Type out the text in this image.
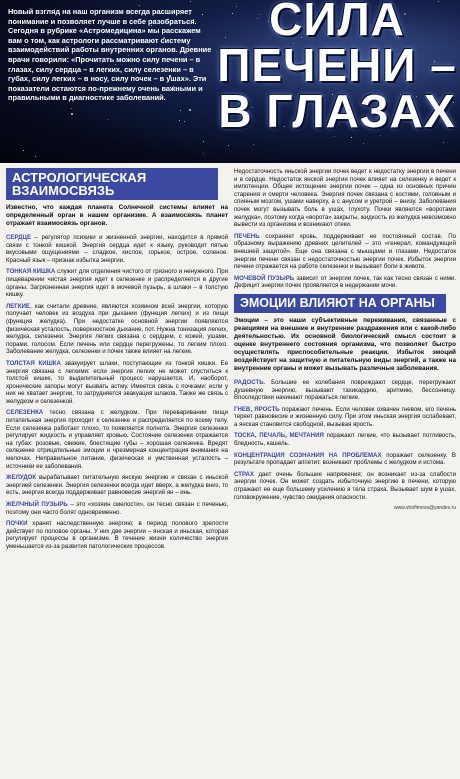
Новый взгляд на наш организм всегда расширяет понимание и позволяет лучше в себе разобраться. Сегодня в рубрике «Астромедицина» мы расскажем вам о том, как астрологи рассматривают систему взаимодействий работы внутренних органов. Древние врачи говорили: «Прочитать можно силу печени – в глазах, силу сердца – в легких, силу селезенки – в губах, силу легких – в носу, силу почек – в ушах». Эти показатели остаются по-прежнему очень важными и правильными в диагностике заболеваний.
СИЛА
ПЕЧЕНИ –
В ГЛАЗАХ
АСТРОЛОГИЧЕСКАЯ ВЗАИМОСВЯЗЬ
Известно, что каждая планета Солнечной системы влияет на определенный орган в нашем организме. А взаимосвязь планет отражает взаимосвязь органов.

СЕРДЦЕ – регулятор психики и жизненной энергии, находится в прямой связи с тонкой кишкой. Энергия сердца идет к языку, руководит пятью вкусовыми ощущениями – сладкое, кислое, горькое, острое, соленое. Красный язык – признак избытка энергии.

ТОНКАЯ КИШКА служит для отделения чистого от грязного и ненужного. При пищеварении чистая энергия идет к селезенке и распределяется в другие органы. Загрязненная энергия идет в мочевой пузырь, а шлаки – в толстую кишку.

ЛЕГКИЕ, как считали древние, являются хозяином всей энергии, которую получает человек из воздуха при дыхании (функция легких) и из пищи (функция желудка). При недостатке основной энергии появляются физическая усталость, поверхностное дыхание, пот. Нужна тонизация легких, желудка, селезенки. Энергия легких связана с сердцем, с кожей, ушами, порами, голосом. Если печень или сердце перегружены, то легким плохо. Заболевание желудка, селезенки и почек также влияет на легкие.

ТОЛСТАЯ КИШКА эвакуирует шлаки, поступающие из тонкой кишки. Ее энергия связана с легкими: если энергия легких не может спуститься к толстой кишке, то выделительный процесс нарушается. И, наоборот, хронические запоры могут вызвать астму. Имеется связь с почками: если у них не хватает энергии, то затрудняется эвакуация шлаков. Также же связь с желудком и селезенкой.

СЕЛЕЗЕНКА тесно связана с желудком. При переваривании пищи питательная энергия проходит к селезенке и распределяется по всему телу. Если селезенка работает плохо, то появляется полнота. Энергия селезенки регулирует жидкость и управляет кровью. Состояние селезенки отражается на губах: розовые, свежие, блестящие губы – хорошая селезенка. Вредят селезенке отрицательные эмоции и чрезмерная концентрация внимания на мелочах. Неправильное питание, физическая и умственная усталость – источники ее заболевания.

ЖЕЛУДОК вырабатывает питательную янскую энергию и связан с иньской энергией селезенки. Энергия селезенки всегда идет вверх, а желудка вниз, то есть, энергия всегда поддерживает равновесие энергий ян – инь.

ЖЕЛЧНЫЙ ПУЗЫРЬ – это «хозяин смелости», он тесно связан с печенью, поэтому они часто болят одновременно.

ПОЧКИ хранят наследственную энергию; в период полового зрелости действует по половое органы. У них две энергии – янская и иньская, которая регулирует процессы в организме. В течение жизни количество энергии уменьшается из-за развития патологических процессов.

Недостаточность иньской энергии почек ведет к недостатку энергии в печени и в сердце. Недостаток янской энергии почек влияет на селезенку и ведет к импотенции. Общее истощение энергии почек – одна из основных причин старения и смерти человека. Энергия почек связана с костями, головным и спинным мозгом, ушами наверху, а с анусом и уретрой – внизу. Заболевания почек могут вызывать боль в ушах, глухоту. Почки являются «воротами желудка», поэтому когда «ворота» закрыты, жидкость из желудка невозможно вывести из организма и возникают отеки.

ПЕЧЕНЬ сохраняет кровь, поддерживает ее постоянный состав. По образному выражению древних целителей – это «генерал, командующий внешней защитой». Еще она связана с мышцами и глазами. Недостаток энергии печени связан с недостаточностью энергии почек. Избыток энергии печени отражается на работе селезенки и вызывает боли в животе.

МОЧЕВОЙ ПУЗЫРЬ зависит от энергии почек, так как тесно связан с ними. Дефицит энергии почек проявляется в недержании мочи.

ЭМОЦИИ ВЛИЯЮТ НА ОРГАНЫ
Эмоции – это наши субъективные переживания, связанные с реакциями на внешние и внутренние раздражения или с какой-либо деятельностью. Их основной биологический смысл состоит в оценке внутреннего состояния организма, что позволяет быстро осуществлять приспособительные реакции. Избыток эмоций воздействует на защитную и питательную виды энергий, а также на внутренние органы и может вызывать различные заболевания.

РАДОСТЬ. Большие ее колебания повреждают сердце, перегружают душевную энергию, вызывают тахикардию, аритмию, бессонницу. Впоследствии начинают поражаться легкие.

ГНЕВ, ЯРОСТЬ поражают печень. Если человек охвачен гневом, его печень теряет равновесие и жизненную силу. При этом иньская энергия ослабевает, а янская становится свободной, вызывая ярость.

ТОСКА, ПЕЧАЛЬ, МЕЧТАНИЯ поражают легкие, что вызывает потливость, бледность, кашель.

КОНЦЕНТРАЦИЯ СОЗНАНИЯ НА ПРОБЛЕМАХ поражает селезенку. В результате пропадает аппетит, возникают проблемы с желудком и истома.

СТРАХ дает очень большие напряжения; он возникает из-за слабости энергии почек. Он может создать избыточную энергию в печени, которую отражают ее еще большему усилению я тела страха. Вызывает шум в ушах, головокружение, чувство ожидания опасности.

www.vtrofimova@yandex.ru
